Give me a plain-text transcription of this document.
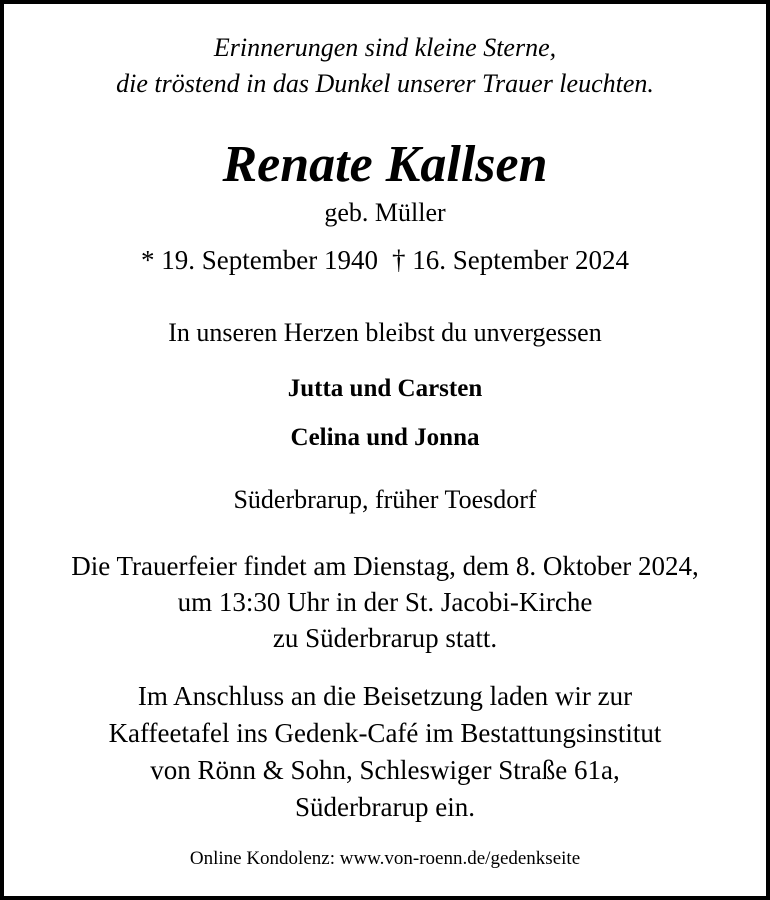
Erinnerungen sind kleine Sterne,
die tröstend in das Dunkel unserer Trauer leuchten.
Renate Kallsen
geb. Müller
* 19. September 1940 † 16. September 2024
In unseren Herzen bleibst du unvergessen
Jutta und Carsten
Celina und Jonna
Süderbrarup, früher Toesdorf
Die Trauerfeier findet am Dienstag, dem 8. Oktober 2024,
um 13:30 Uhr in der St. Jacobi-Kirche
zu Süderbrarup statt.
Im Anschluss an die Beisetzung laden wir zur
Kaffeetafel ins Gedenk-Café im Bestattungsinstitut
von Rönn & Sohn, Schleswiger Straße 61a,
Süderbrarup ein.
Online Kondolenz: www.von-roenn.de/gedenkseite
